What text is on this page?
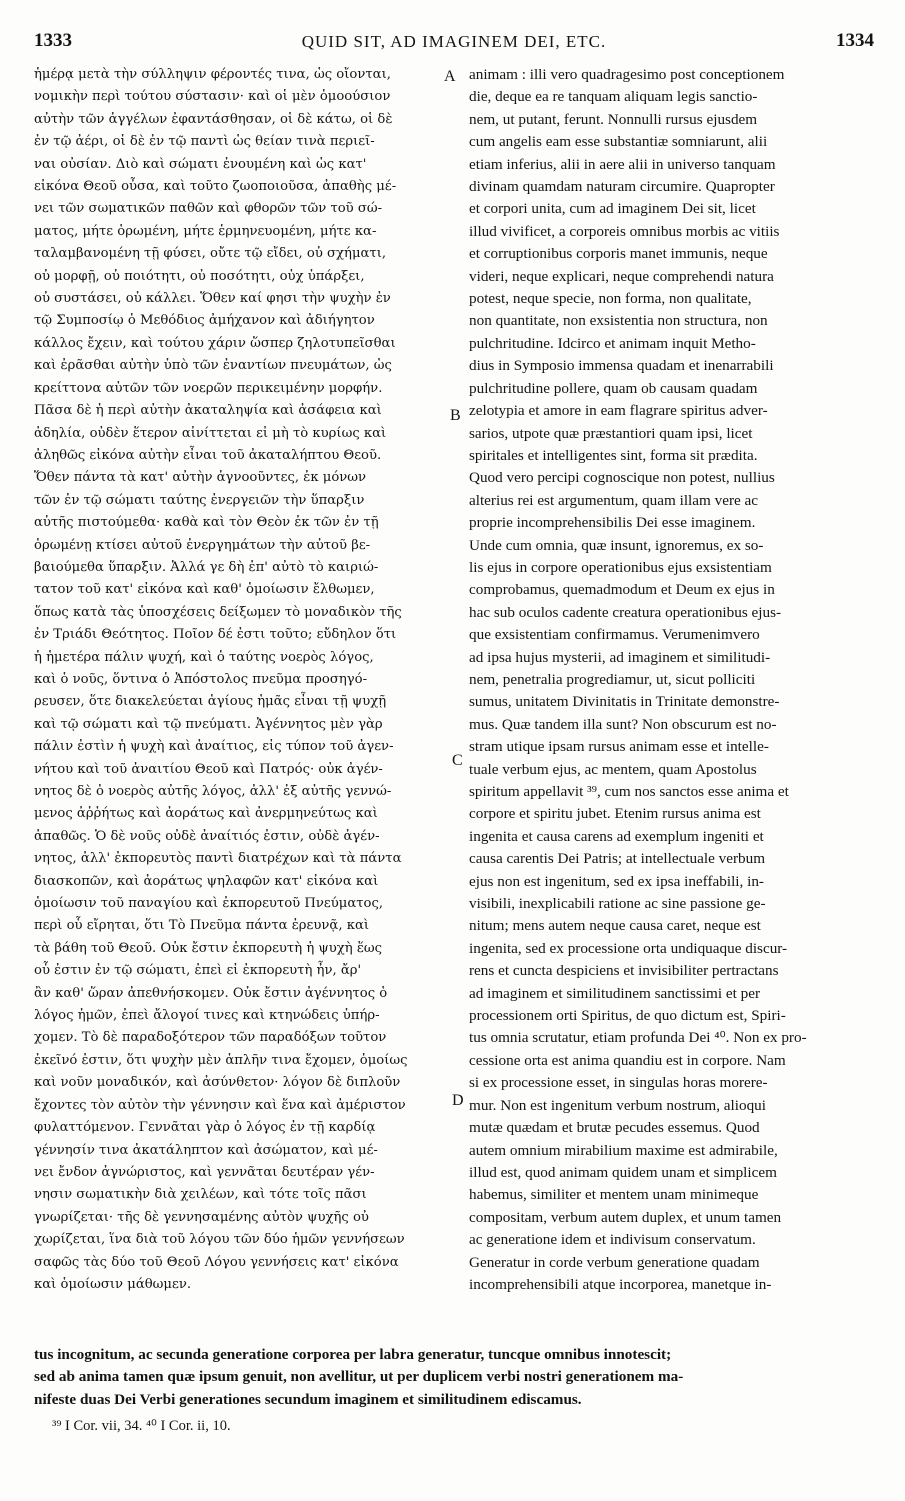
1333	QUID SIT, AD IMAGINEM DEI, ETC.	1334
ἡμέρᾳ μετὰ τὴν σύλληψιν φέροντές τινα, ὡς οἴονται,
νομικὴν περὶ τούτου σύστασιν· καὶ οἱ μὲν ὁμοούσιον
αὐτὴν τῶν ἀγγέλων ἐφαντάσθησαν, οἱ δὲ κάτω, οἱ δὲ
ἐν τῷ ἀέρι, οἱ δὲ ἐν τῷ παντὶ ὡς θείαν τινὰ περιεῖ-
ναι οὐσίαν. Διὸ καὶ σώματι ἐνουμένη καὶ ὡς κατ'
εἰκόνα Θεοῦ οὖσα, καὶ τοῦτο ζωοποιοῦσα, ἀπαθὴς μέ-
νει τῶν σωματικῶν παθῶν καὶ φθορῶν τῶν τοῦ σώ-
ματος, μήτε ὁρωμένη, μήτε ἑρμηνευομένη, μήτε κα-
ταλαμβανομένη τῇ φύσει, οὔτε τῷ εἴδει, οὐ σχήματι,
οὐ μορφῇ, οὐ ποιότητι, οὐ ποσότητι, οὐχ ὑπάρξει,
οὐ συστάσει, οὐ κάλλει. Ὅθεν καί φησι τὴν ψυχὴν ἐν
τῷ Συμποσίῳ ὁ Μεθόδιος ἀμήχανον καὶ ἀδιήγητον
κάλλος ἔχειν, καὶ τούτου χάριν ὥσπερ ζηλοτυπεῖσθαι
καὶ ἐρᾶσθαι αὐτὴν ὑπὸ τῶν ἐναντίων πνευμάτων, ὡς
κρείττονα αὐτῶν τῶν νοερῶν περικειμένην μορφήν.
Πᾶσα δὲ ἡ περὶ αὐτὴν ἀκαταληψία καὶ ἀσάφεια καὶ
ἀδηλία, οὐδὲν ἕτερον αἰνίττεται εἰ μὴ τὸ κυρίως καὶ
ἀληθῶς εἰκόνα αὐτὴν εἶναι τοῦ ἀκαταλήπτου Θεοῦ.
Ὅθεν πάντα τὰ κατ' αὐτὴν ἀγνοοῦντες, ἐκ μόνων
τῶν ἐν τῷ σώματι ταύτης ἐνεργειῶν τὴν ὕπαρξιν
αὐτῆς πιστούμεθα· καθὰ καὶ τὸν Θεὸν ἐκ τῶν ἐν τῇ
ὁρωμένῃ κτίσει αὐτοῦ ἐνεργημάτων τὴν αὐτοῦ βε-
βαιούμεθα ὕπαρξιν. Ἀλλά γε δὴ ἐπ' αὐτὸ τὸ καιριώ-
τατον τοῦ κατ' εἰκόνα καὶ καθ' ὁμοίωσιν ἔλθωμεν,
ὅπως κατὰ τὰς ὑποσχέσεις δείξωμεν τὸ μοναδικὸν τῆς
ἐν Τριάδι Θεότητος. Ποῖον δέ ἐστι τοῦτο; εὔδηλον ὅτι
ἡ ἡμετέρα πάλιν ψυχή, καὶ ὁ ταύτης νοερὸς λόγος,
καὶ ὁ νοῦς, ὅντινα ὁ Ἀπόστολος πνεῦμα προσηγό-
ρευσεν, ὅτε διακελεύεται ἁγίους ἡμᾶς εἶναι τῇ ψυχῇ
καὶ τῷ σώματι καὶ τῷ πνεύματι. Ἀγέννητος μὲν γὰρ
πάλιν ἐστὶν ἡ ψυχὴ καὶ ἀναίτιος, εἰς τύπον τοῦ ἀγεν-
νήτου καὶ τοῦ ἀναιτίου Θεοῦ καὶ Πατρός· οὐκ ἀγέν-
νητος δὲ ὁ νοερὸς αὐτῆς λόγος, ἀλλ' ἐξ αὐτῆς γεννώ-
μενος ἀῤῥήτως καὶ ἀοράτως καὶ ἀνερμηνεύτως καὶ
ἀπαθῶς. Ὁ δὲ νοῦς οὐδὲ ἀναίτιός ἐστιν, οὐδὲ ἀγέν-
νητος, ἀλλ' ἐκπορευτὸς παντὶ διατρέχων καὶ τὰ πάντα
διασκοπῶν, καὶ ἀοράτως ψηλαφῶν κατ' εἰκόνα καὶ
ὁμοίωσιν τοῦ παναγίου καὶ ἐκπορευτοῦ Πνεύματος,
περὶ οὗ εἴρηται, ὅτι Τὸ Πνεῦμα πάντα ἐρευνᾷ, καὶ
τὰ βάθη τοῦ Θεοῦ. Οὐκ ἔστιν ἐκπορευτὴ ἡ ψυχὴ ἕως
οὗ ἐστιν ἐν τῷ σώματι, ἐπεὶ εἰ ἐκπορευτὴ ἦν, ἄρ'
ἂν καθ' ὥραν ἀπεθνήσκομεν. Οὐκ ἔστιν ἀγέννητος ὁ
λόγος ἡμῶν, ἐπεὶ ἄλογοί τινες καὶ κτηνώδεις ὑπήρ-
χομεν. Τὸ δὲ παραδοξότερον τῶν παραδόξων τοῦτον
ἐκεῖνό ἐστιν, ὅτι ψυχὴν μὲν ἁπλῆν τινα ἔχομεν, ὁμοίως
καὶ νοῦν μοναδικόν, καὶ ἀσύνθετον· λόγον δὲ διπλοῦν
ἔχοντες τὸν αὐτὸν τὴν γέννησιν καὶ ἕνα καὶ ἀμέριστον
φυλαττόμενον. Γεννᾶται γὰρ ὁ λόγος ἐν τῇ καρδίᾳ
γέννησίν τινα ἀκατάληπτον καὶ ἀσώματον, καὶ μέ-
νει ἔνδον ἀγνώριστος, καὶ γεννᾶται δευτέραν γέν-
νησιν σωματικὴν διὰ χειλέων, καὶ τότε τοῖς πᾶσι
γνωρίζεται· τῆς δὲ γεννησαμένης αὐτὸν ψυχῆς οὐ
χωρίζεται, ἵνα διὰ τοῦ λόγου τῶν δύο ἡμῶν γεννήσεων
σαφῶς τὰς δύο τοῦ Θεοῦ Λόγου γεννήσεις κατ' εἰκόνα
καὶ ὁμοίωσιν μάθωμεν.
animam : illi vero quadragesimo post conceptionem
die, deque ea re tanquam aliquam legis sanctio-
nem, ut putant, ferunt. Nonnulli rursus ejusdem
cum angelis eam esse substantiæ somniarunt, alii
etiam inferius, alii in aere alii in universo tanquam
divinam quamdam naturam circumire. Quapropter
et corpori unita, cum ad imaginem Dei sit, licet
illud vivificet, a corporeis omnibus morbis ac vitiis
et corruptionibus corporis manet immunis, neque
videri, neque explicari, neque comprehendi natura
potest, neque specie, non forma, non qualitate,
non quantitate, non exsistentia non structura, non
pulchritudine. Idcirco et animam inquit Metho-
dius in Symposio immensa quadam et inenarrabili
pulchritudine pollere, quam ob causam quadam
zelotypia et amore in eam flagrare spiritus adver-
sarios, utpote quæ præstantiori quam ipsi, licet
spiritales et intelligentes sint, forma sit prædita.
Quod vero percipi cognoscique non potest, nullius
alterius rei est argumentum, quam illam vere ac
proprie incomprehensibilis Dei esse imaginem.
Unde cum omnia, quæ insunt, ignoremus, ex so-
lis ejus in corpore operationibus ejus exsistentiam
comprobamus, quemadmodum et Deum ex ejus in
hac sub oculos cadente creatura operationibus ejus-
que exsistentiam confirmamus. Verumenimvero
ad ipsa hujus mysterii, ad imaginem et similitudi-
nem, penetralia progrediamur, ut, sicut polliciti
sumus, unitatem Divinitatis in Trinitate demonstre-
mus. Quæ tandem illa sunt? Non obscurum est no-
stram utique ipsam rursus animam esse et intelle-
tuale verbum ejus, ac mentem, quam Apostolus
spiritum appellavit ³⁹, cum nos sanctos esse anima et
corpore et spiritu jubet. Etenim rursus anima est
ingenita et causa carens ad exemplum ingeniti et
causa carentis Dei Patris; at intellectuale verbum
ejus non est ingenitum, sed ex ipsa ineffabili, in-
visibili, inexplicabili ratione ac sine passione ge-
nitum; mens autem neque causa caret, neque est
ingenita, sed ex processione orta undiquaque discur-
rens et cuncta despiciens et invisibiliter pertractans
ad imaginem et similitudinem sanctissimi et per
processionem orti Spiritus, de quo dictum est, Spiri-
tus omnia scrutatur, etiam profunda Dei ⁴⁰. Non ex pro-
cessione orta est anima quandiu est in corpore. Nam
si ex processione esset, in singulas horas morere-
mur. Non est ingenitum verbum nostrum, alioqui
mutæ quædam et brutæ pecudes essemus. Quod
autem omnium mirabilium maxime est admirabile,
illud est, quod animam quidem unam et simplicem
habemus, similiter et mentem unam minimeque
compositam, verbum autem duplex, et unum tamen
ac generatione idem et indivisum conservatum.
Generatur in corde verbum generatione quadam
incomprehensibili atque incorporea, manetque in-
A
B
C
D
tus incognitum, ac secunda generatione corporea per labra generatur, tuncque omnibus innotescit;
sed ab anima tamen quæ ipsum genuit, non avellitur, ut per duplicem verbi nostri generationem ma-
nifeste duas Dei Verbi generationes secundum imaginem et similitudinem ediscamus.
³⁹ I Cor. vii, 34. ⁴⁰ I Cor. ii, 10.
